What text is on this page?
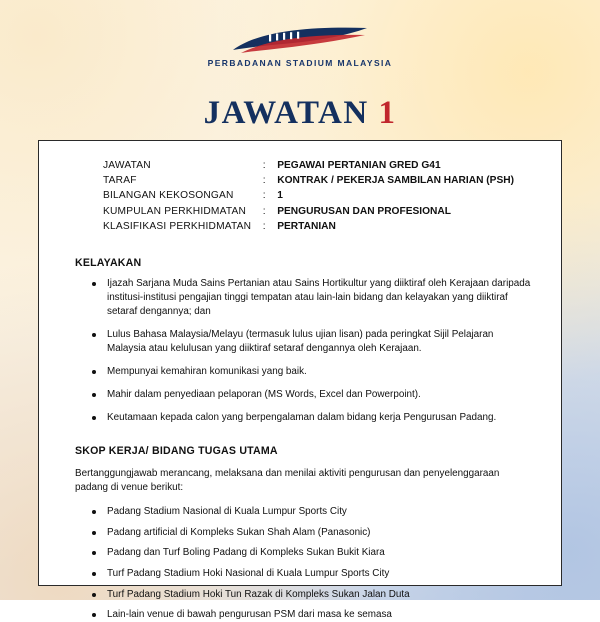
PERBADANAN STADIUM MALAYSIA
JAWATAN 1
JAWATAN	:	PEGAWAI PERTANIAN GRED G41
TARAF	:	KONTRAK / PEKERJA SAMBILAN HARIAN (PSH)
BILANGAN KEKOSONGAN	:	1
KUMPULAN PERKHIDMATAN	:	PENGURUSAN DAN PROFESIONAL
KLASIFIKASI PERKHIDMATAN	:	PERTANIAN
KELAYAKAN
Ijazah Sarjana Muda Sains Pertanian atau Sains Hortikultur yang diiktiraf oleh Kerajaan daripada institusi-institusi pengajian tinggi tempatan atau lain-lain bidang dan kelayakan yang diiktiraf setaraf dengannya; dan
Lulus Bahasa Malaysia/Melayu (termasuk lulus ujian lisan) pada peringkat Sijil Pelajaran Malaysia atau kelulusan yang diiktiraf setaraf dengannya oleh Kerajaan.
Mempunyai kemahiran komunikasi yang baik.
Mahir dalam penyediaan pelaporan (MS Words, Excel dan Powerpoint).
Keutamaan kepada calon yang berpengalaman dalam bidang kerja Pengurusan Padang.
SKOP KERJA/ BIDANG TUGAS UTAMA

Bertanggungjawab merancang, melaksana dan menilai aktiviti pengurusan dan penyelenggaraan padang di venue berikut:

Padang Stadium Nasional di Kuala Lumpur Sports City
Padang artificial di Kompleks Sukan Shah Alam (Panasonic)
Padang dan Turf Boling Padang di Kompleks Sukan Bukit Kiara
Turf Padang Stadium Hoki Nasional di Kuala Lumpur Sports City
Turf Padang Stadium Hoki Tun Razak di Kompleks Sukan Jalan Duta
Lain-lain venue di bawah pengurusan PSM dari masa ke semasa
